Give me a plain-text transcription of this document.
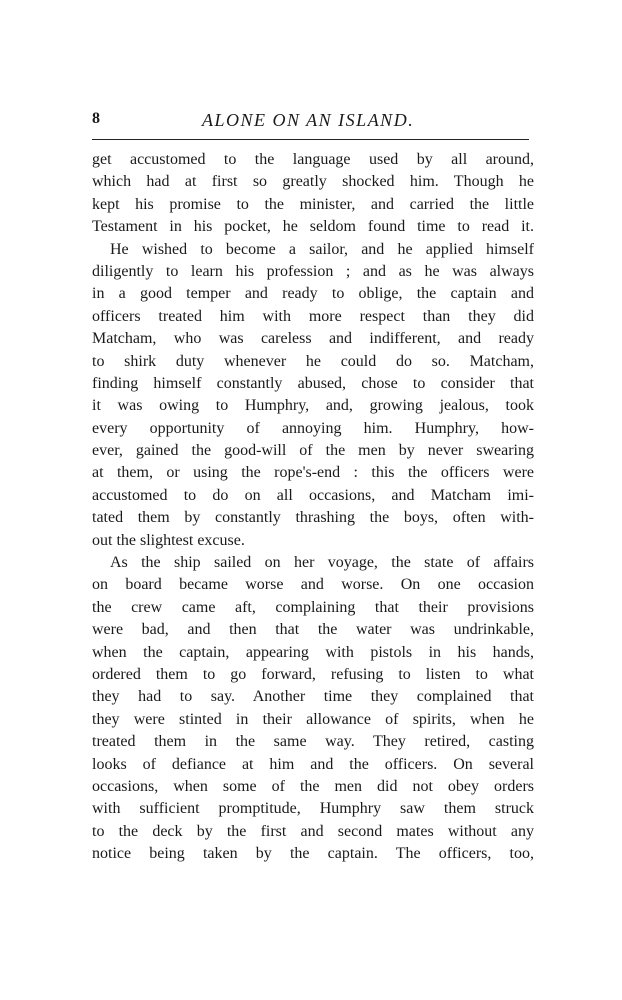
8	ALONE ON AN ISLAND.
get accustomed to the language used by all around,
which had at first so greatly shocked him. Though he
kept his promise to the minister, and carried the little
Testament in his pocket, he seldom found time to read it.
He wished to become a sailor, and he applied himself
diligently to learn his profession ; and as he was always
in a good temper and ready to oblige, the captain and
officers treated him with more respect than they did
Matcham, who was careless and indifferent, and ready
to shirk duty whenever he could do so. Matcham,
finding himself constantly abused, chose to consider that
it was owing to Humphry, and, growing jealous, took
every opportunity of annoying him. Humphry, how-
ever, gained the good-will of the men by never swearing
at them, or using the rope's-end : this the officers were
accustomed to do on all occasions, and Matcham imi-
tated them by constantly thrashing the boys, often with-
out the slightest excuse.
As the ship sailed on her voyage, the state of affairs
on board became worse and worse. On one occasion
the crew came aft, complaining that their provisions
were bad, and then that the water was undrinkable,
when the captain, appearing with pistols in his hands,
ordered them to go forward, refusing to listen to what
they had to say. Another time they complained that
they were stinted in their allowance of spirits, when he
treated them in the same way. They retired, casting
looks of defiance at him and the officers. On several
occasions, when some of the men did not obey orders
with sufficient promptitude, Humphry saw them struck
to the deck by the first and second mates without any
notice being taken by the captain. The officers, too,
